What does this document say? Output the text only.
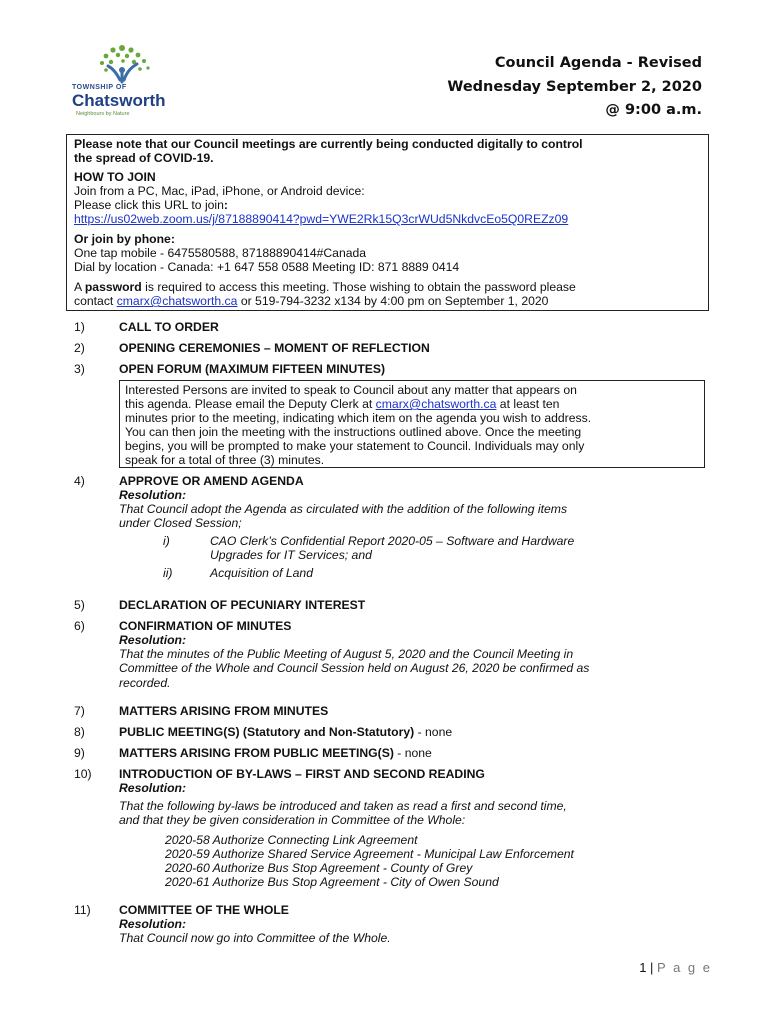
TOWNSHIP OF
Chatsworth
Neighbours by Nature
Council Agenda - Revised
Wednesday September 2, 2020
@ 9:00 a.m.
Please note that our Council meetings are currently being conducted digitally to control
the spread of COVID-19.
HOW TO JOIN
Join from a PC, Mac, iPad, iPhone, or Android device:
Please click this URL to join:
https://us02web.zoom.us/j/87188890414?pwd=YWE2Rk15Q3crWUd5NkdvcEo5Q0REZz09
Or join by phone:
One tap mobile - 6475580588, 87188890414#Canada
Dial by location - Canada: +1 647 558 0588 Meeting ID: 871 8889 0414
A password is required to access this meeting. Those wishing to obtain the password please
contact cmarx@chatsworth.ca or 519-794-3232 x134 by 4:00 pm on September 1, 2020
1)	CALL TO ORDER
2)	OPENING CEREMONIES – MOMENT OF REFLECTION
3)	OPEN FORUM (MAXIMUM FIFTEEN MINUTES)
Interested Persons are invited to speak to Council about any matter that appears on
this agenda. Please email the Deputy Clerk at cmarx@chatsworth.ca at least ten
minutes prior to the meeting, indicating which item on the agenda you wish to address.
You can then join the meeting with the instructions outlined above. Once the meeting
begins, you will be prompted to make your statement to Council. Individuals may only
speak for a total of three (3) minutes.
4)	APPROVE OR AMEND AGENDA
Resolution:
That Council adopt the Agenda as circulated with the addition of the following items
under Closed Session;
i)	CAO Clerk’s Confidential Report 2020-05 – Software and Hardware
Upgrades for IT Services; and
ii)	Acquisition of Land
5)	DECLARATION OF PECUNIARY INTEREST
6)	CONFIRMATION OF MINUTES
Resolution:
That the minutes of the Public Meeting of August 5, 2020 and the Council Meeting in
Committee of the Whole and Council Session held on August 26, 2020 be confirmed as
recorded.
7)	MATTERS ARISING FROM MINUTES
8)	PUBLIC MEETING(S) (Statutory and Non-Statutory) - none
9)	MATTERS ARISING FROM PUBLIC MEETING(S) - none
10) INTRODUCTION OF BY-LAWS – FIRST AND SECOND READING
Resolution:
That the following by-laws be introduced and taken as read a first and second time,
and that they be given consideration in Committee of the Whole:
2020-58 Authorize Connecting Link Agreement
2020-59 Authorize Shared Service Agreement - Municipal Law Enforcement
2020-60 Authorize Bus Stop Agreement - County of Grey
2020-61 Authorize Bus Stop Agreement - City of Owen Sound
11) COMMITTEE OF THE WHOLE
Resolution:
That Council now go into Committee of the Whole.
1 | P a g e
